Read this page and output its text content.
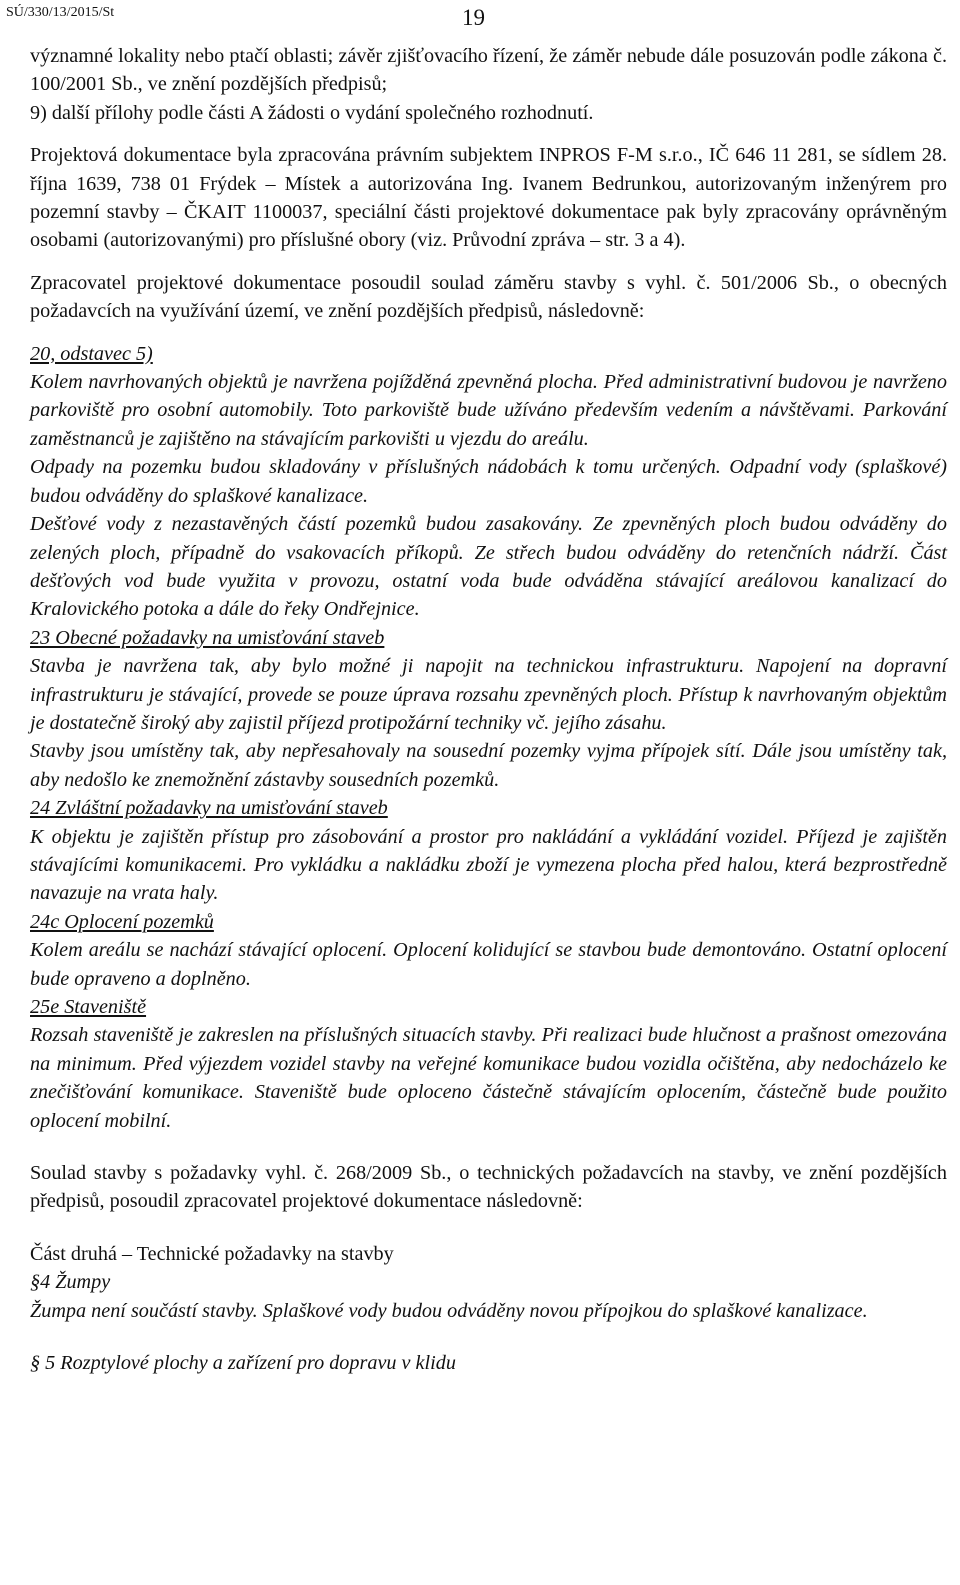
SÚ/330/13/2015/St	19

významné lokality nebo ptačí oblasti; závěr zjišťovacího řízení, že záměr nebude dále posuzován podle zákona č. 100/2001 Sb., ve znění pozdějších předpisů;

9) další přílohy podle části A žádosti o vydání společného rozhodnutí.

Projektová dokumentace byla zpracována právním subjektem INPROS F-M s.r.o., IČ 646 11 281, se sídlem 28. října 1639, 738 01 Frýdek – Místek a autorizována Ing. Ivanem Bedrunkou, autorizovaným inženýrem pro pozemní stavby – ČKAIT 1100037, speciální části projektové dokumentace pak byly zpracovány oprávněným osobami (autorizovanými) pro příslušné obory (viz. Průvodní zpráva – str. 3 a 4).

Zpracovatel projektové dokumentace posoudil soulad záměru stavby s vyhl. č. 501/2006 Sb., o obecných požadavcích na využívání území, ve znění pozdějších předpisů, následovně:

20, odstavec 5)

Kolem navrhovaných objektů je navržena pojížděná zpevněná plocha. Před administrativní budovou je navrženo parkoviště pro osobní automobily. Toto parkoviště bude užíváno především vedením a návštěvami. Parkování zaměstnanců je zajištěno na stávajícím parkovišti u vjezdu do areálu.

Odpady na pozemku budou skladovány v příslušných nádobách k tomu určených. Odpadní vody (splaškové) budou odváděny do splaškové kanalizace.

Dešťové vody z nezastavěných částí pozemků budou zasakovány. Ze zpevněných ploch budou odváděny do zelených ploch, případně do vsakovacích příkopů. Ze střech budou odváděny do retenčních nádrží. Část dešťových vod bude využita v provozu, ostatní voda bude odváděna stávající areálovou kanalizací do Kralovického potoka a dále do řeky Ondřejnice.

23 Obecné požadavky na umisťování staveb

Stavba je navržena tak, aby bylo možné ji napojit na technickou infrastrukturu. Napojení na dopravní infrastrukturu je stávající, provede se pouze úprava rozsahu zpevněných ploch. Přístup k navrhovaným objektům je dostatečně široký aby zajistil příjezd protipožární techniky vč. jejího zásahu.

Stavby jsou umístěny tak, aby nepřesahovaly na sousední pozemky vyjma přípojek sítí. Dále jsou umístěny tak, aby nedošlo ke znemožnění zástavby sousedních pozemků.

24 Zvláštní požadavky na umisťování staveb

K objektu je zajištěn přístup pro zásobování a prostor pro nakládání a vykládání vozidel. Příjezd je zajištěn stávajícími komunikacemi. Pro vykládku a nakládku zboží je vymezena plocha před halou, která bezprostředně navazuje na vrata haly.

24c Oplocení pozemků

Kolem areálu se nachází stávající oplocení. Oplocení kolidující se stavbou bude demontováno. Ostatní oplocení bude opraveno a doplněno.

25e Staveniště

Rozsah staveniště je zakreslen na příslušných situacích stavby. Při realizaci bude hlučnost a prašnost omezována na minimum. Před výjezdem vozidel stavby na veřejné komunikace budou vozidla očištěna, aby nedocházelo ke znečišťování komunikace. Staveniště bude oploceno částečně stávajícím oplocením, částečně bude použito oplocení mobilní.

Soulad stavby s požadavky vyhl. č. 268/2009 Sb., o technických požadavcích na stavby, ve znění pozdějších předpisů, posoudil zpracovatel projektové dokumentace následovně:

Část druhá – Technické požadavky na stavby

§4 Žumpy

Žumpa není součástí stavby. Splaškové vody budou odváděny novou přípojkou do splaškové kanalizace.

§ 5 Rozptylové plochy a zařízení pro dopravu v klidu
